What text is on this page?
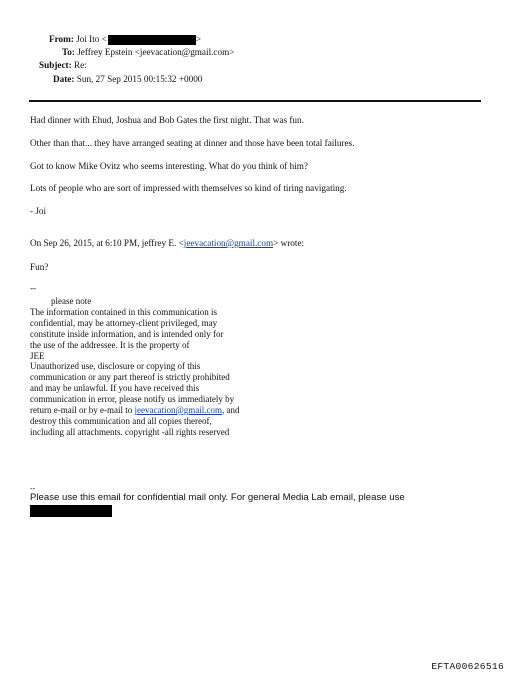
From: Joi Ito <	>
To: Jeffrey Epstein <jeevacation@gmail.com>
Subject: Re:
Date: Sun, 27 Sep 2015 00:15:32 +0000
Had dinner with Ehud, Joshua and Bob Gates the first night. That was fun.
Other than that... they have arranged seating at dinner and those have been total failures.
Got to know Mike Ovitz who seems interesting. What do you think of him?
Lots of people who are sort of impressed with themselves so kind of tiring navigating.
- Joi
On Sep 26, 2015, at 6:10 PM, jeffrey E. <jeevacation@gmail.com> wrote:
Fun?
--
please note
The information contained in this communication is
confidential, may be attorney-client privileged, may
constitute inside information, and is intended only for
the use of the addressee. It is the property of
JEE
Unauthorized use, disclosure or copying of this
communication or any part thereof is strictly prohibited
and may be unlawful. If you have received this
communication in error, please notify us immediately by
return e-mail or by e-mail to jeevacation@gmail.com, and
destroy this communication and all copies thereof,
including all attachments. copyright -all rights reserved
--
Please use this email for confidential mail only. For general Media Lab email, please use
EFTA00626516
